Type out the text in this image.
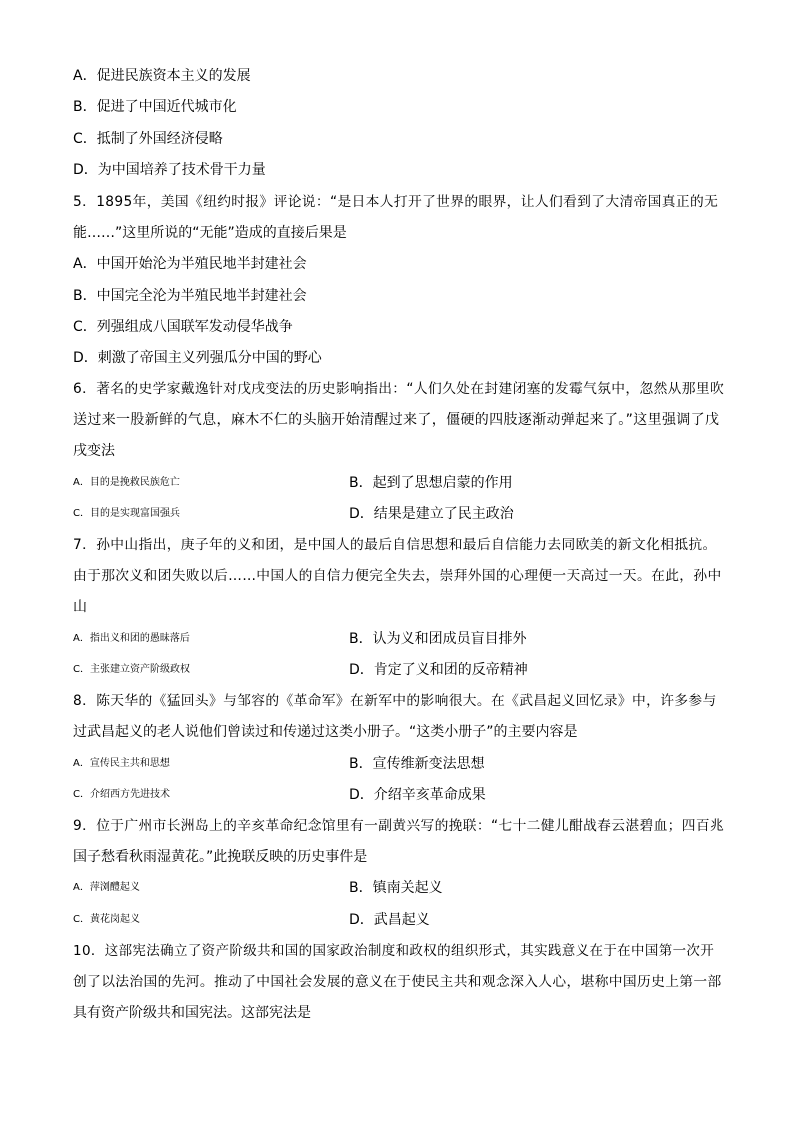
A．促进民族资本主义的发展
B．促进了中国近代城市化
C．抵制了外国经济侵略
D．为中国培养了技术骨干力量
5．1895年，美国《纽约时报》评论说：“是日本人打开了世界的眼界，让人们看到了大清帝国真正的无
能……”这里所说的“无能”造成的直接后果是
A．中国开始沦为半殖民地半封建社会
B．中国完全沦为半殖民地半封建社会
C．列强组成八国联军发动侵华战争
D．刺激了帝国主义列强瓜分中国的野心
6．著名的史学家戴逸针对戊戌变法的历史影响指出：“人们久处在封建闭塞的发霉气氛中，忽然从那里吹
送过来一股新鲜的气息，麻木不仁的头脑开始清醒过来了，僵硬的四肢逐渐动弹起来了。”这里强调了戊
戌变法
A．目的是挽救民族危亡	B．起到了思想启蒙的作用
C．目的是实现富国强兵	D．结果是建立了民主政治
7．孙中山指出，庚子年的义和团，是中国人的最后自信思想和最后自信能力去同欧美的新文化相抵抗。
由于那次义和团失败以后……中国人的自信力便完全失去，崇拜外国的心理便一天高过一天。在此，孙中
山
A．指出义和团的愚昧落后	B．认为义和团成员盲目排外
C．主张建立资产阶级政权	D．肯定了义和团的反帝精神
8．陈天华的《猛回头》与邹容的《革命军》在新军中的影响很大。在《武昌起义回忆录》中，许多参与
过武昌起义的老人说他们曾读过和传递过这类小册子。“这类小册子”的主要内容是
A．宣传民主共和思想	B．宣传维新变法思想
C．介绍西方先进技术	D．介绍辛亥革命成果
9．位于广州市长洲岛上的辛亥革命纪念馆里有一副黄兴写的挽联：“七十二健儿酣战春云湛碧血；四百兆
国子愁看秋雨湿黄花。”此挽联反映的历史事件是
A．萍浏醴起义	B．镇南关起义
C．黄花岗起义	D．武昌起义
10．这部宪法确立了资产阶级共和国的国家政治制度和政权的组织形式，其实践意义在于在中国第一次开
创了以法治国的先河。推动了中国社会发展的意义在于使民主共和观念深入人心，堪称中国历史上第一部
具有资产阶级共和国宪法。这部宪法是
